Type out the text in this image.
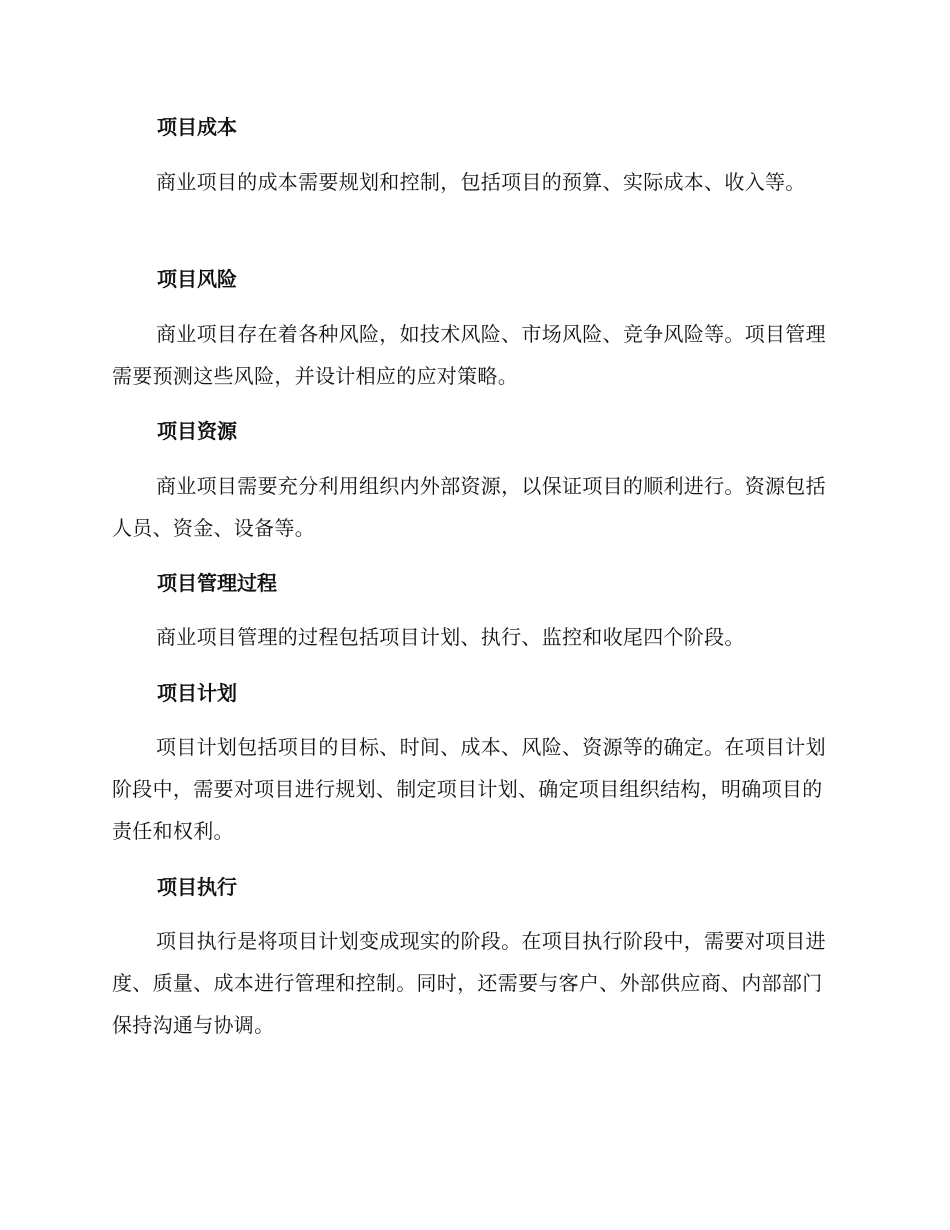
项目成本
商业项目的成本需要规划和控制，包括项目的预算、实际成本、收入等。
项目风险
商业项目存在着各种风险，如技术风险、市场风险、竞争风险等。项目管理需要预测这些风险，并设计相应的应对策略。
项目资源
商业项目需要充分利用组织内外部资源，以保证项目的顺利进行。资源包括人员、资金、设备等。
项目管理过程
商业项目管理的过程包括项目计划、执行、监控和收尾四个阶段。
项目计划
项目计划包括项目的目标、时间、成本、风险、资源等的确定。在项目计划阶段中，需要对项目进行规划、制定项目计划、确定项目组织结构，明确项目的责任和权利。
项目执行
项目执行是将项目计划变成现实的阶段。在项目执行阶段中，需要对项目进度、质量、成本进行管理和控制。同时，还需要与客户、外部供应商、内部部门保持沟通与协调。
